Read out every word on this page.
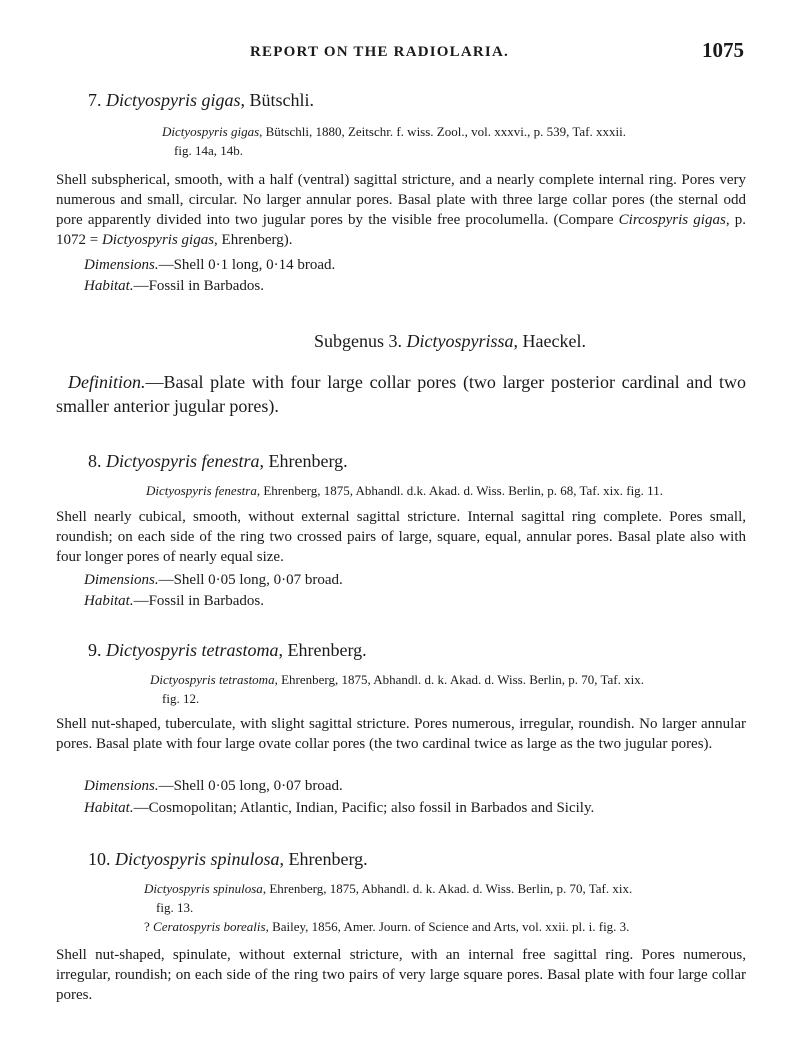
REPORT ON THE RADIOLARIA.	1075
7. Dictyospyris gigas, Bütschli.
Dictyospyris gigas, Bütschli, 1880, Zeitschr. f. wiss. Zool., vol. xxxvi., p. 539, Taf. xxxii.
fig. 14a, 14b.
Shell subspherical, smooth, with a half (ventral) sagittal stricture, and a nearly complete internal ring. Pores very numerous and small, circular. No larger annular pores. Basal plate with three large collar pores (the sternal odd pore apparently divided into two jugular pores by the visible free procolumella. (Compare Circospyris gigas, p. 1072 = Dictyospyris gigas, Ehrenberg).
Dimensions.—Shell 0·1 long, 0·14 broad.
Habitat.—Fossil in Barbados.
Subgenus 3. Dictyospyrissa, Haeckel.
Definition.—Basal plate with four large collar pores (two larger posterior cardinal and two smaller anterior jugular pores).
8. Dictyospyris fenestra, Ehrenberg.
Dictyospyris fenestra, Ehrenberg, 1875, Abhandl. d.k. Akad. d. Wiss. Berlin, p. 68, Taf. xix. fig. 11.
Shell nearly cubical, smooth, without external sagittal stricture. Internal sagittal ring complete. Pores small, roundish; on each side of the ring two crossed pairs of large, square, equal, annular pores. Basal plate also with four longer pores of nearly equal size.
Dimensions.—Shell 0·05 long, 0·07 broad.
Habitat.—Fossil in Barbados.
9. Dictyospyris tetrastoma, Ehrenberg.
Dictyospyris tetrastoma, Ehrenberg, 1875, Abhandl. d. k. Akad. d. Wiss. Berlin, p. 70, Taf. xix.
fig. 12.
Shell nut-shaped, tuberculate, with slight sagittal stricture. Pores numerous, irregular, roundish. No larger annular pores. Basal plate with four large ovate collar pores (the two cardinal twice as large as the two jugular pores).
Dimensions.—Shell 0·05 long, 0·07 broad.
Habitat.—Cosmopolitan; Atlantic, Indian, Pacific; also fossil in Barbados and Sicily.
10. Dictyospyris spinulosa, Ehrenberg.
Dictyospyris spinulosa, Ehrenberg, 1875, Abhandl. d. k. Akad. d. Wiss. Berlin, p. 70, Taf. xix.
fig. 13.
? Ceratospyris borealis, Bailey, 1856, Amer. Journ. of Science and Arts, vol. xxii. pl. i. fig. 3.
Shell nut-shaped, spinulate, without external stricture, with an internal free sagittal ring. Pores numerous, irregular, roundish; on each side of the ring two pairs of very large square pores. Basal plate with four large collar pores.
